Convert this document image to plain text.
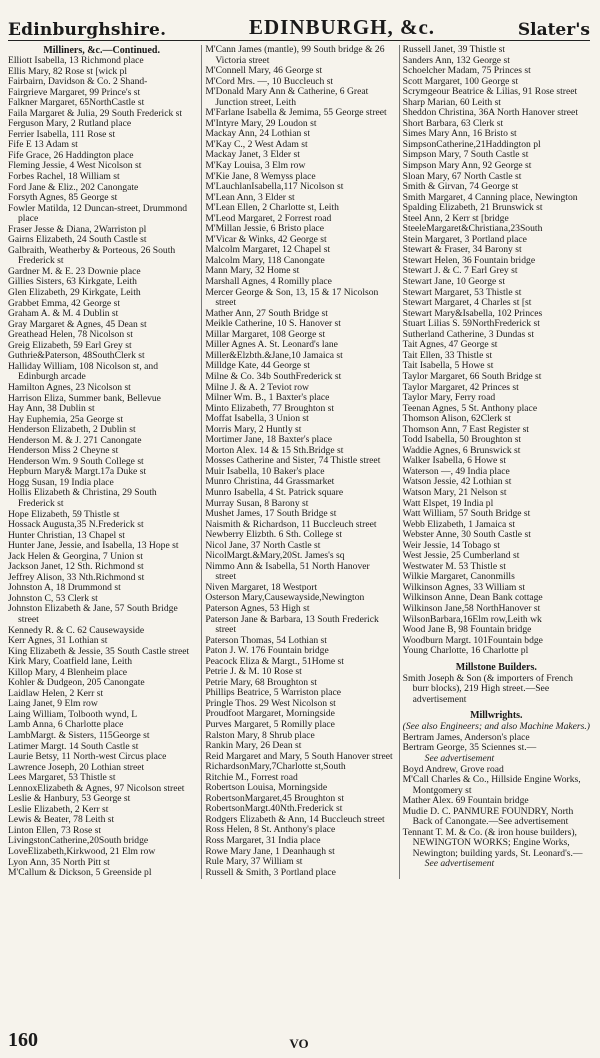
Edinburghshire.	EDINBURGH, &c.	Slater's

Milliners, &c.—Continued.

Elliott Isabella, 13 Richmond place

Ellis Mary, 82 Rose st [wick pl

Fairbairn, Davidson & Co. 2 Shand-

Fairgrieve Margaret, 99 Prince's st

Falkner Margaret, 65NorthCastle st

Faila Margaret & Julia, 29 South Frederick st

Ferguson Mary, 2 Rutland place

Ferrier Isabella, 111 Rose st

Fife E 13 Adam st

Fife Grace, 26 Haddington place

Fleming Jessie, 4 West Nicolson st

Forbes Rachel, 18 William st

Ford Jane & Eliz., 202 Canongate

Forsyth Agnes, 85 George st

Fowler Matilda, 12 Duncan-street, Drummond place

Fraser Jesse & Diana, 2Warriston pl

Gairns Elizabeth, 24 South Castle st

Galbraith, Weatherby & Porteous, 26 South Frederick st

Gardner M. & E. 23 Downie place

Gillies Sisters, 63 Kirkgate, Leith

Glen Elizabeth, 29 Kirkgate, Leith

Grabbet Emma, 42 George st

Graham A. & M. 4 Dublin st

Gray Margaret & Agnes, 45 Dean st

Greathead Helen, 78 Nicolson st

Greig Elizabeth, 59 Earl Grey st

Guthrie&Paterson, 48SouthClerk st

Halliday William, 108 Nicolson st, and Edinburgh arcade

Hamilton Agnes, 23 Nicolson st

Harrison Eliza, Summer bank, Bellevue

Hay Ann, 38 Dublin st

Hay Euphemia, 25a George st

Henderson Elizabeth, 2 Dublin st

Henderson M. & J. 271 Canongate

Henderson Miss 2 Cheyne st

Henderson Wm. 9 South College st

Hepburn Mary& Margt.17a Duke st

Hogg Susan, 19 India place

Hollis Elizabeth & Christina, 29 South Frederick st

Hope Elizabeth, 59 Thistle st

Hossack Augusta,35 N.Frederick st

Hunter Christian, 13 Chapel st

Hunter Jane, Jessie, and Isabella, 13 Hope st

Jack Helen & Georgina, 7 Union st

Jackson Janet, 12 Sth. Richmond st

Jeffrey Alison, 33 Nth.Richmond st

Johnston A, 18 Drummond st

Johnston C, 53 Clerk st

Johnston Elizabeth & Jane, 57 South Bridge street

Kennedy R. & C. 62 Causewayside

Kerr Agnes, 31 Lothian st

King Elizabeth & Jessie, 35 South Castle street

Kirk Mary, Coatfield lane, Leith

Killop Mary, 4 Blenheim place

Kohler & Dudgeon, 205 Canongate

Laidlaw Helen, 2 Kerr st

Laing Janet, 9 Elm row

Laing William, Tolbooth wynd, L

Lamb Anna, 6 Charlotte place

LambMargt. & Sisters, 115George st

Latimer Margt. 14 South Castle st

Laurie Betsy, 11 North-west Circus place

Lawrence Joseph, 20 Lothian street

Lees Margaret, 53 Thistle st

LennoxElizabeth & Agnes, 97 Nicolson street

Leslie & Hanbury, 53 George st

Leslie Elizabeth, 2 Kerr st

Lewis & Beater, 78 Leith st

Linton Ellen, 73 Rose st

LivingstonCatherine,20South bridge

LoveElizabeth,Kirkwood, 21 Elm row

Lyon Ann, 35 North Pitt st

M'Callum & Dickson, 5 Greenside pl

M'Cann James (mantle), 99 South bridge & 26 Victoria street

M'Connell Mary, 46 George st

M'Cord Mrs. —, 10 Buccleuch st

M'Donald Mary Ann & Catherine, 6 Great Junction street, Leith

M'Farlane Isabella & Jemima, 55 George street

M'Intyre Mary, 29 Loudon st

Mackay Ann, 24 Lothian st

M'Kay C., 2 West Adam st

Mackay Janet, 3 Elder st

M'Kay Louisa, 3 Elm row

M'Kie Jane, 8 Wemyss place

M'LauchlanIsabella,117 Nicolson st

M'Lean Ann, 3 Elder st

M'Lean Ellen, 2 Charlotte st, Leith

M'Leod Margaret, 2 Forrest road

M'Millan Jessie, 6 Bristo place

M'Vicar & Winks, 42 George st

Malcolm Margaret, 12 Chapel st

Malcolm Mary, 118 Canongate

Mann Mary, 32 Home st

Marshall Agnes, 4 Romilly place

Mercer George & Son, 13, 15 & 17 Nicolson street

Mather Ann, 27 South Bridge st

Meikle Catherine, 10 S. Hanover st

Millar Margaret, 108 George st

Miller Agnes A. St. Leonard's lane

Miller&Elzbth.&Jane,10 Jamaica st

Milldge Kate, 44 George st

Milne & Co. 34b SouthFrederick st

Milne J. & A. 2 Teviot row

Milner Wm. B., 1 Baxter's place

Minto Elizabeth, 77 Broughton st

Moffat Isabella, 3 Union st

Morris Mary, 2 Huntly st

Mortimer Jane, 18 Baxter's place

Morton Alex. 14 & 15 Sth.Bridge st

Mosses Catherine and Sister, 74 Thistle street

Muir Isabella, 10 Baker's place

Munro Christina, 44 Grassmarket

Munro Isabella, 4 St. Patrick square

Murray Susan, 8 Barony st

Mushet James, 17 South Bridge st

Naismith & Richardson, 11 Buccleuch street

Newberry Elizbth. 6 Sth. College st

Nicol Jane, 37 North Castle st

NicolMargt.&Mary,20St. James's sq

Nimmo Ann & Isabella, 51 North Hanover street

Niven Margaret, 18 Westport

Osterson Mary,Causewayside,Newington

Paterson Agnes, 53 High st

Paterson Jane & Barbara, 13 South Frederick street

Paterson Thomas, 54 Lothian st

Paton J. W. 176 Fountain bridge

Peacock Eliza & Margt., 51Home st

Petrie J. & M. 10 Rose st

Petrie Mary, 68 Broughton st

Phillips Beatrice, 5 Warriston place

Pringle Thos. 29 West Nicolson st

Proudfoot Margaret, Morningside

Purves Margaret, 5 Romilly place

Ralston Mary, 8 Shrub place

Rankin Mary, 26 Dean st

Reid Margaret and Mary, 5 South Hanover street

RichardsonMary,7Charlotte st,South

Ritchie M., Forrest road

Robertson Louisa, Morningside

RobertsonMargaret,45 Broughton st

RobertsonMargt.40Nth.Frederick st

Rodgers Elizabeth & Ann, 14 Buccleuch street

Ross Helen, 8 St. Anthony's place

Ross Margaret, 31 India place

Rowe Mary Jane, 1 Deanhaugh st

Rule Mary, 37 William st

Russell & Smith, 3 Portland place

Russell Janet, 39 Thistle st

Sanders Ann, 132 George st

Schoelcher Madam, 75 Princes st

Scott Margaret, 100 George st

Scrymgeour Beatrice & Lilias, 91 Rose street

Sharp Marian, 60 Leith st

Sheddon Christina, 36A North Hanover street

Short Barbara, 63 Clerk st

Simes Mary Ann, 16 Bristo st

SimpsonCatherine,21Haddington pl

Simpson Mary, 7 South Castle st

Simpson Mary Ann, 92 George st

Sloan Mary, 67 North Castle st

Smith & Girvan, 74 George st

Smith Margaret, 4 Canning place, Newington

Spalding Elizabeth, 21 Brunswick st

Steel Ann, 2 Kerr st [bridge

SteeleMargaret&Christiana,23South

Stein Margaret, 3 Portland place

Stewart & Fraser, 34 Barony st

Stewart Helen, 36 Fountain bridge

Stewart J. & C. 7 Earl Grey st

Stewart Jane, 10 George st

Stewart Margaret, 53 Thistle st

Stewart Margaret, 4 Charles st [st

Stewart Mary&Isabella, 102 Princes

Stuart Lilias S. 59NorthFrederick st

Sutherland Catherine, 3 Dundas st

Tait Agnes, 47 George st

Tait Ellen, 33 Thistle st

Tait Isabella, 5 Howe st

Taylor Margaret, 66 South Bridge st

Taylor Margaret, 42 Princes st

Taylor Mary, Ferry road

Teenan Agnes, 5 St. Anthony place

Thomson Alison, 62Clerk st

Thomson Ann, 7 East Register st

Todd Isabella, 50 Broughton st

Waddie Agnes, 6 Brunswick st

Walker Isabella, 6 Howe st

Waterson —, 49 India place

Watson Jessie, 42 Lothian st

Watson Mary, 21 Nelson st

Watt Elspet, 19 India pl

Watt William, 57 South Bridge st

Webb Elizabeth, 1 Jamaica st

Webster Anne, 30 South Castle st

Weir Jessie, 14 Tobago st

West Jessie, 25 Cumberland st

Westwater M. 53 Thistle st

Wilkie Margaret, Canonmills

Wilkinson Agnes, 33 William st

Wilkinson Anne, Dean Bank cottage

Wilkinson Jane,58 NorthHanover st

WilsonBarbara,16Elm row,Leith wk

Wood Jane B, 98 Fountain bridge

Woodburn Margt. 101Fountain bdge

Young Charlotte, 16 Charlotte pl

Millstone Builders.

Smith Joseph & Son (& importers of French burr blocks), 219 High street.—See advertisement

Millwrights.

(See also Engineers; and also Machine Makers.)

Bertram James, Anderson's place

Bertram George, 35 Sciennes st.—

See advertisement

Boyd Andrew, Grove road

M'Call Charles & Co., Hillside Engine Works, Montgomery st

Mather Alex. 69 Fountain bridge

Mudie D. C. PANMURE FOUNDRY, North Back of Canongate.—See advertisement

Tennant T. M. & Co. (& iron house builders), NEWINGTON WORKS; Engine Works, Newington; building yards, St. Leonard's.—

See advertisement

160	VO
